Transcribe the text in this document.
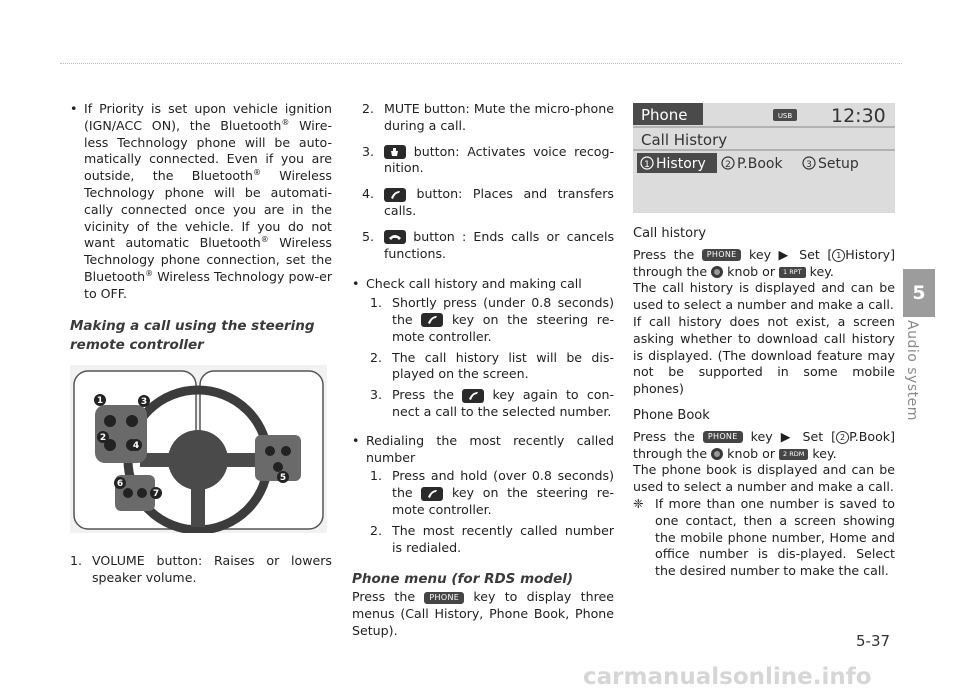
• If Priority is set upon vehicle ignition (IGN/ACC ON), the Bluetooth® Wire-less Technology phone will be auto-matically connected. Even if you are outside, the Bluetooth® Wireless Technology phone will be automati-cally connected once you are in the vicinity of the vehicle. If you do not want automatic Bluetooth® Wireless Technology phone connection, set the Bluetooth® Wireless Technology pow-er to OFF.

Making a call using the steering remote controller

1
2
3
4
5
6
7
1. VOLUME button: Raises or lowers speaker volume.
2. MUTE button: Mute the micro-phone during a call.
3.	button: Activates voice recog-nition.
4.	button: Places and transfers calls.
5.	button : Ends calls or cancels functions.
• Check call history and making call
1. Shortly press (under 0.8 seconds) the
key on the steering re-mote controller.
2. The call history list will be dis-played on the screen.
3. Press the
key again to con-nect a call to the selected number.
• Redialing the most recently called number
1. Press and hold (over 0.8 seconds) the
key on the steering re-mote controller.
2. The most recently called number is redialed.

Phone menu (for RDS model)

Press the PHONE key to display three menus (Call History, Phone Book, Phone Setup).

Phone	USB 12:30
Call History
1 History 2 P.Book	3 Setup

Call history

Press the PHONE key ▶ Set [ 1 History] through the  knob or 1 RPT key.

The call history is displayed and can be used to select a number and make a call.

If call history does not exist, a screen asking whether to download call history is displayed. (The download feature may not be supported in some mobile phones)

Phone Book

Press the PHONE key ▶ Set [ 2 P.Book] through the  knob or 2 RDM key.

The phone book is displayed and can be used to select a number and make a call.

❈ If more than one number is saved to one contact, then a screen showing the mobile phone number, Home and office number is dis-played. Select the desired number to make the call.
5
Audio system
5-37
carmanualsonline.info
